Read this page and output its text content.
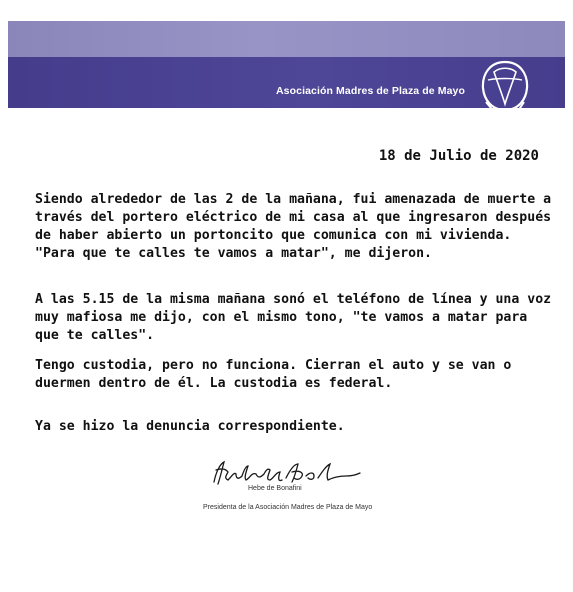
Asociación Madres de Plaza de Mayo
18 de Julio de 2020

Siendo alrededor de las 2 de la mañana, fui amenazada de muerte a través del portero eléctrico de mi casa al que ingresaron después de haber abierto un portoncito que comunica con mi vivienda. "Para que te calles te vamos a matar", me dijeron.

A las 5.15 de la misma mañana sonó el teléfono de línea y una voz muy mafiosa me dijo, con el mismo tono, "te vamos a matar para que te calles".

Tengo custodia, pero no funciona. Cierran el auto y se van o duermen dentro de él. La custodia es federal.

Ya se hizo la denuncia correspondiente.

Hebe de Bonafini
Presidenta de la Asociación Madres de Plaza de Mayo
